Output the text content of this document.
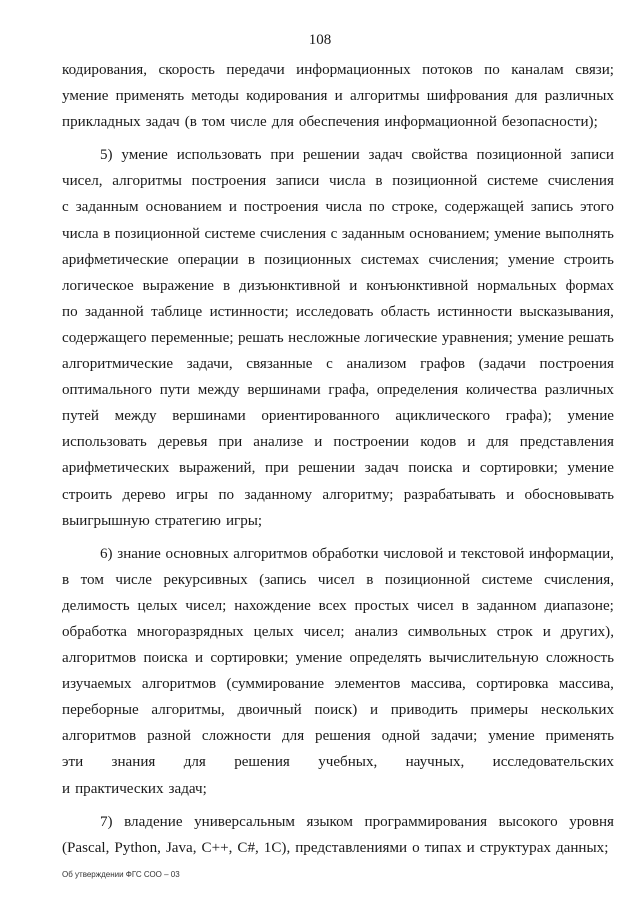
108
кодирования, скорость передачи информационных потоков по каналам связи;
умение применять методы кодирования и алгоритмы шифрования для различных
прикладных задач (в том числе для обеспечения информационной безопасности);
5) умение использовать при решении задач свойства позиционной записи
чисел, алгоритмы построения записи числа в позиционной системе счисления
с заданным основанием и построения числа по строке, содержащей запись этого
числа в позиционной системе счисления с заданным основанием; умение выполнять
арифметические операции в позиционных системах счисления; умение строить
логическое выражение в дизъюнктивной и конъюнктивной нормальных формах
по заданной таблице истинности; исследовать область истинности высказывания,
содержащего переменные; решать несложные логические уравнения; умение решать
алгоритмические задачи, связанные с анализом графов (задачи построения
оптимального пути между вершинами графа, определения количества различных
путей между вершинами ориентированного ациклического графа); умение
использовать деревья при анализе и построении кодов и для представления
арифметических выражений, при решении задач поиска и сортировки; умение
строить дерево игры по заданному алгоритму; разрабатывать и обосновывать
выигрышную стратегию игры;
6) знание основных алгоритмов обработки числовой и текстовой информации,
в том числе рекурсивных (запись чисел в позиционной системе счисления,
делимость целых чисел; нахождение всех простых чисел в заданном диапазоне;
обработка многоразрядных целых чисел; анализ символьных строк и других),
алгоритмов поиска и сортировки; умение определять вычислительную сложность
изучаемых алгоритмов (суммирование элементов массива, сортировка массива,
переборные алгоритмы, двоичный поиск) и приводить примеры нескольких
алгоритмов разной сложности для решения одной задачи; умение применять
эти знания для решения учебных, научных, исследовательских
и практических задач;
7) владение универсальным языком программирования высокого уровня
(Pascal, Python, Java, C++, C#, 1C), представлениями о типах и структурах данных;
Об утверждении ФГС СОО – 03
